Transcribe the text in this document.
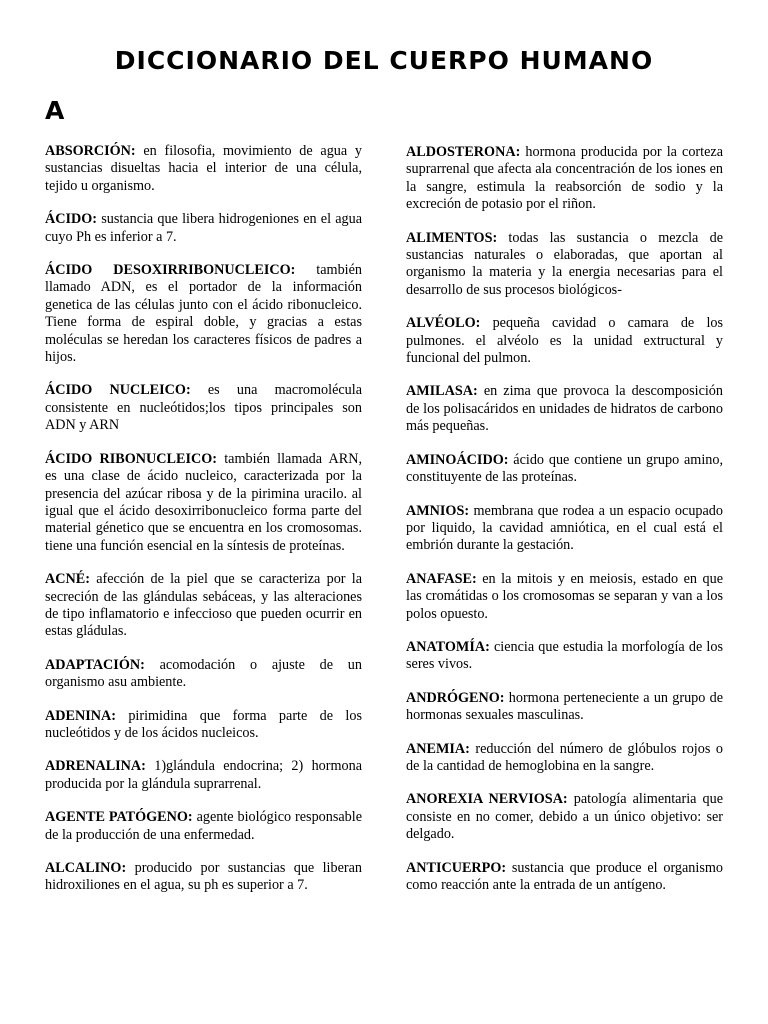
DICCIONARIO DEL CUERPO HUMANO
A

ABSORCIÓN: en filosofia, movimiento de agua y sustancias disueltas hacia el interior de una célula, tejido u organismo.

ÁCIDO: sustancia que libera hidrogeniones en el agua cuyo Ph es inferior a 7.

ÁCIDO DESOXIRRIBONUCLEICO: también llamado ADN, es el portador de la información genetica de las células junto con el ácido ribonucleico. Tiene forma de espiral doble, y gracias a estas moléculas se heredan los caracteres físicos de padres a hijos.

ÁCIDO NUCLEICO: es una macromolécula consistente en nucleótidos;los tipos principales son ADN y ARN

ÁCIDO RIBONUCLEICO: también llamada ARN, es una clase de ácido nucleico, caracterizada por la presencia del azúcar ribosa y de la pirimina uracilo. al igual que el ácido desoxirribonucleico forma parte del material génetico que se encuentra en los cromosomas. tiene una función esencial en la síntesis de proteínas.

ACNÉ: afección de la piel que se caracteriza por la secreción de las glándulas sebáceas, y las alteraciones de tipo inflamatorio e infeccioso que pueden ocurrir en estas gládulas.

ADAPTACIÓN: acomodación o ajuste de un organismo asu ambiente.

ADENINA: pirimidina que forma parte de los nucleótidos y de los ácidos nucleicos.

ADRENALINA: 1)glándula endocrina; 2) hormona producida por la glándula suprarrenal.

AGENTE PATÓGENO: agente biológico responsable de la producción de una enfermedad.

ALCALINO: producido por sustancias que liberan hidroxiliones en el agua, su ph es superior a 7.

ALDOSTERONA: hormona producida por la corteza suprarrenal que afecta ala concentración de los iones en la sangre, estimula la reabsorción de sodio y la excreción de potasio por el riñon.

ALIMENTOS: todas las sustancia o mezcla de sustancias naturales o elaboradas, que aportan al organismo la materia y la energia necesarias para el desarrollo de sus procesos biológicos-

ALVÉOLO: pequeña cavidad o camara de los pulmones. el alvéolo es la unidad extructural y funcional del pulmon.

AMILASA: en zima que provoca la descomposición de los polisacáridos en unidades de hidratos de carbono más pequeñas.

AMINOÁCIDO: ácido que contiene un grupo amino, constituyente de las proteínas.

AMNIOS: membrana que rodea a un espacio ocupado por liquido, la cavidad amniótica, en el cual está el embrión durante la gestación.

ANAFASE: en la mitois y en meiosis, estado en que las cromátidas o los cromosomas se separan y van a los polos opuesto.

ANATOMÍA: ciencia que estudia la morfología de los seres vivos.

ANDRÓGENO: hormona perteneciente a un grupo de hormonas sexuales masculinas.

ANEMIA: reducción del número de glóbulos rojos o de la cantidad de hemoglobina en la sangre.

ANOREXIA NERVIOSA: patología alimentaria que consiste en no comer, debido a un único objetivo: ser delgado.

ANTICUERPO: sustancia que produce el organismo como reacción ante la entrada de un antígeno.
